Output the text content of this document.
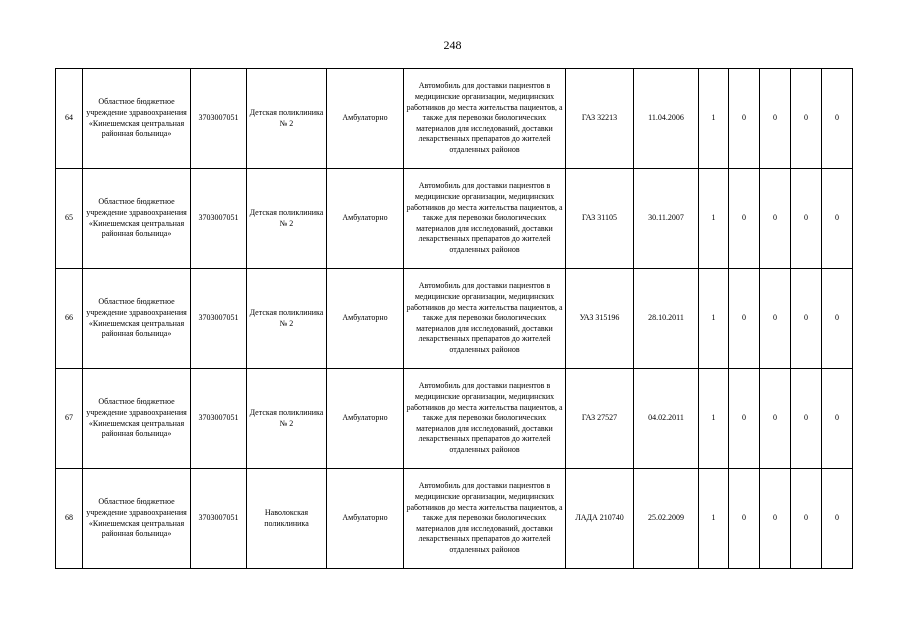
248
64	Областное бюджетное учреждение здравоохранения «Кинешемская центральная районная больница»	3703007051	Детская поликлиника № 2	Амбулаторно	Автомобиль для доставки пациентов в медицинские организации, медицинских работников до места жительства пациентов, а также для перевозки биологических материалов для исследований, доставки лекарственных препаратов до жителей отдаленных районов	ГАЗ 32213	11.04.2006	1	0	0	0	0
65	Областное бюджетное учреждение здравоохранения «Кинешемская центральная районная больница»	3703007051	Детская поликлиника № 2	Амбулаторно	Автомобиль для доставки пациентов в медицинские организации, медицинских работников до места жительства пациентов, а также для перевозки биологических материалов для исследований, доставки лекарственных препаратов до жителей отдаленных районов	ГАЗ 31105	30.11.2007	1	0	0	0	0
66	Областное бюджетное учреждение здравоохранения «Кинешемская центральная районная больница»	3703007051	Детская поликлиника № 2	Амбулаторно	Автомобиль для доставки пациентов в медицинские организации, медицинских работников до места жительства пациентов, а также для перевозки биологических материалов для исследований, доставки лекарственных препаратов до жителей отдаленных районов	УАЗ 315196	28.10.2011	1	0	0	0	0
67	Областное бюджетное учреждение здравоохранения «Кинешемская центральная районная больница»	3703007051	Детская поликлиника № 2	Амбулаторно	Автомобиль для доставки пациентов в медицинские организации, медицинских работников до места жительства пациентов, а также для перевозки биологических материалов для исследований, доставки лекарственных препаратов до жителей отдаленных районов	ГАЗ 27527	04.02.2011	1	0	0	0	0
68	Областное бюджетное учреждение здравоохранения «Кинешемская центральная районная больница»	3703007051	Наволокская поликлиника	Амбулаторно	Автомобиль для доставки пациентов в медицинские организации, медицинских работников до места жительства пациентов, а также для перевозки биологических материалов для исследований, доставки лекарственных препаратов до жителей отдаленных районов	ЛАДА 210740	25.02.2009	1	0	0	0	0
